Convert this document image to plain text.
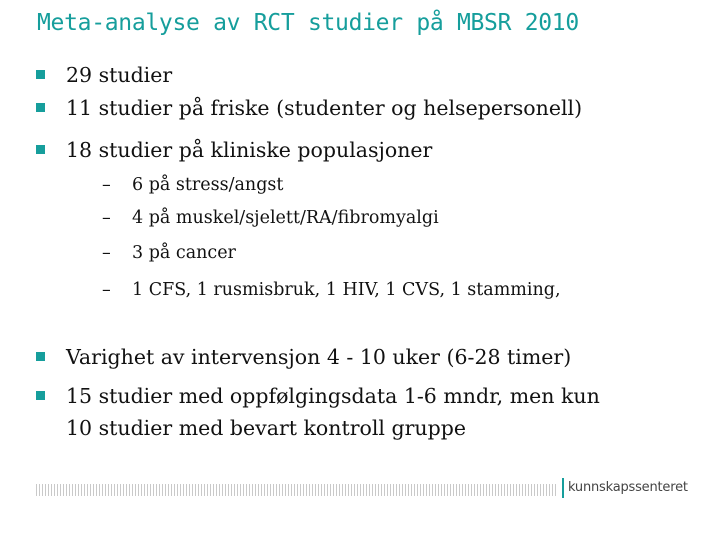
Meta-analyse av RCT studier på MBSR 2010
29 studier
11 studier på friske (studenter og helsepersonell)
18 studier på kliniske populasjoner
– 6 på stress/angst
– 4 på muskel/sjelett/RA/fibromyalgi
– 3 på cancer
– 1 CFS, 1 rusmisbruk, 1 HIV, 1 CVS, 1 stamming,
Varighet av intervensjon 4 - 10 uker (6-28 timer)
15 studier med oppfølgingsdata 1-6 mndr, men kun
10 studier med bevart kontroll gruppe
kunnskapssenteret
